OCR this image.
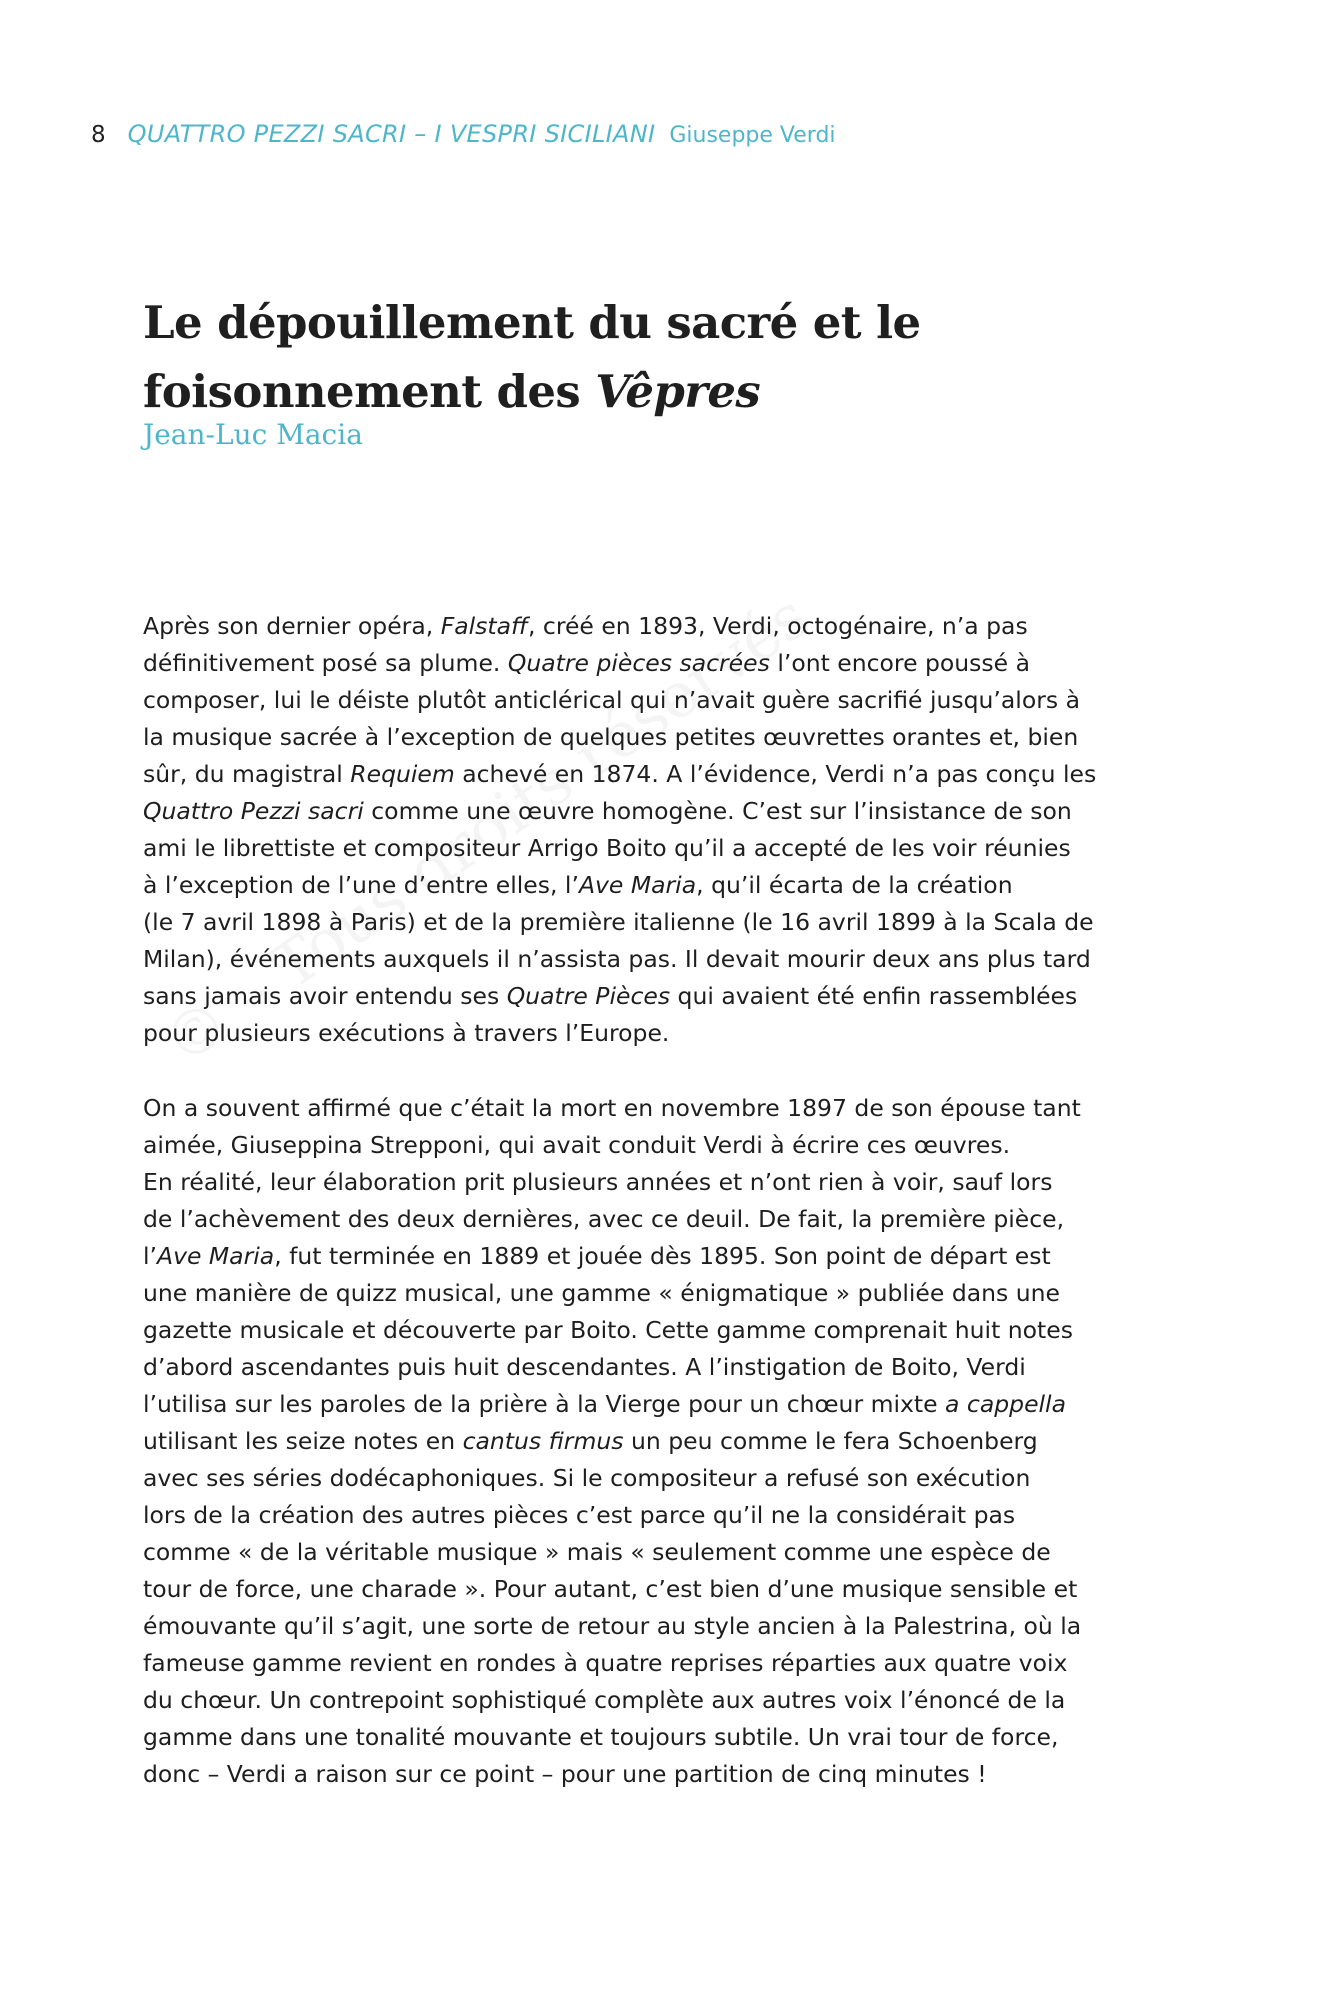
8 QUATTRO PEZZI SACRI – I VESPRI SICILIANI Giuseppe Verdi
Le dépouillement du sacré et le
foisonnement des Vêpres

Jean-Luc Macia

Après son dernier opéra, Falstaff, créé en 1893, Verdi, octogénaire, n’a pas
définitivement posé sa plume. Quatre pièces sacrées l’ont encore poussé à
composer, lui le déiste plutôt anticlérical qui n’avait guère sacrifié jusqu’alors à
la musique sacrée à l’exception de quelques petites œuvrettes orantes et, bien
sûr, du magistral Requiem achevé en 1874. A l’évidence, Verdi n’a pas conçu les
Quattro Pezzi sacri comme une œuvre homogène. C’est sur l’insistance de son
ami le librettiste et compositeur Arrigo Boito qu’il a accepté de les voir réunies
à l’exception de l’une d’entre elles, l’Ave Maria, qu’il écarta de la création
(le 7 avril 1898 à Paris) et de la première italienne (le 16 avril 1899 à la Scala de
Milan), événements auxquels il n’assista pas. Il devait mourir deux ans plus tard
sans jamais avoir entendu ses Quatre Pièces qui avaient été enfin rassemblées
pour plusieurs exécutions à travers l’Europe.
On a souvent affirmé que c’était la mort en novembre 1897 de son épouse tant
aimée, Giuseppina Strepponi, qui avait conduit Verdi à écrire ces œuvres.
En réalité, leur élaboration prit plusieurs années et n’ont rien à voir, sauf lors
de l’achèvement des deux dernières, avec ce deuil. De fait, la première pièce,
l’Ave Maria, fut terminée en 1889 et jouée dès 1895. Son point de départ est
une manière de quizz musical, une gamme « énigmatique » publiée dans une
gazette musicale et découverte par Boito. Cette gamme comprenait huit notes
d’abord ascendantes puis huit descendantes. A l’instigation de Boito, Verdi
l’utilisa sur les paroles de la prière à la Vierge pour un chœur mixte a cappella
utilisant les seize notes en cantus firmus un peu comme le fera Schoenberg
avec ses séries dodécaphoniques. Si le compositeur a refusé son exécution
lors de la création des autres pièces c’est parce qu’il ne la considérait pas
comme « de la véritable musique » mais « seulement comme une espèce de
tour de force, une charade ». Pour autant, c’est bien d’une musique sensible et
émouvante qu’il s’agit, une sorte de retour au style ancien à la Palestrina, où la
fameuse gamme revient en rondes à quatre reprises réparties aux quatre voix
du chœur. Un contrepoint sophistiqué complète aux autres voix l’énoncé de la
gamme dans une tonalité mouvante et toujours subtile. Un vrai tour de force,
donc – Verdi a raison sur ce point – pour une partition de cinq minutes !
